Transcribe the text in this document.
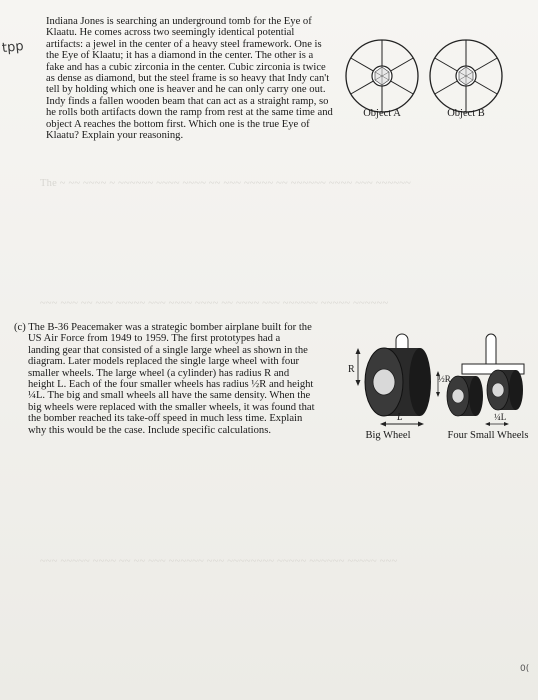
The ~ ~~ ~~~~ ~ ~~~~~~ ~~~~ ~~~~ ~~ ~~~ ~~~~~ ~~ ~~~~~~ ~~~~ ~~~ ~~~~~~
~~~ ~~~ ~~ ~~~ ~~~~~ ~~~ ~~~~ ~~~~ ~~ ~~~~ ~~~ ~~~~~~ ~~~~~ ~~~~~~
~~~ ~~~~~ ~~~~ ~~ ~~ ~~~ ~~~~~~ ~~~ ~~~~~~~~ ~~~~~ ~~~~~~ ~~~~~ ~~~
tpp

Indiana Jones is searching an underground tomb for the Eye of

Klaatu. He comes across two seemingly identical potential

artifacts: a jewel in the center of a heavy steel framework. One is

the Eye of Klaatu; it has a diamond in the center. The other is a

fake and has a cubic zirconia in the center. Cubic zirconia is twice

as dense as diamond, but the steel frame is so heavy that Indy can't

tell by holding which one is heaver and he can only carry one out.

Indy finds a fallen wooden beam that can act as a straight ramp, so

he rolls both artifacts down the ramp from rest at the same time and

object A reaches the bottom first. Which one is the true Eye of

Klaatu? Explain your reasoning.

Object A	Object B

(c) The B-36 Peacemaker was a strategic bomber airplane built for the

US Air Force from 1949 to 1959. The first prototypes had a

landing gear that consisted of a single large wheel as shown in the

diagram. Later models replaced the single large wheel with four

smaller wheels. The large wheel (a cylinder) has radius R and

height L. Each of the four smaller wheels has radius ½R and height

¼L. The big and small wheels all have the same density. When the

big wheels were replaced with the smaller wheels, it was found that

the bomber reached its take-off speed in much less time. Explain

why this would be the case. Include specific calculations.

R
L
Big Wheel
½R
¼L
Four Small Wheels
0(
